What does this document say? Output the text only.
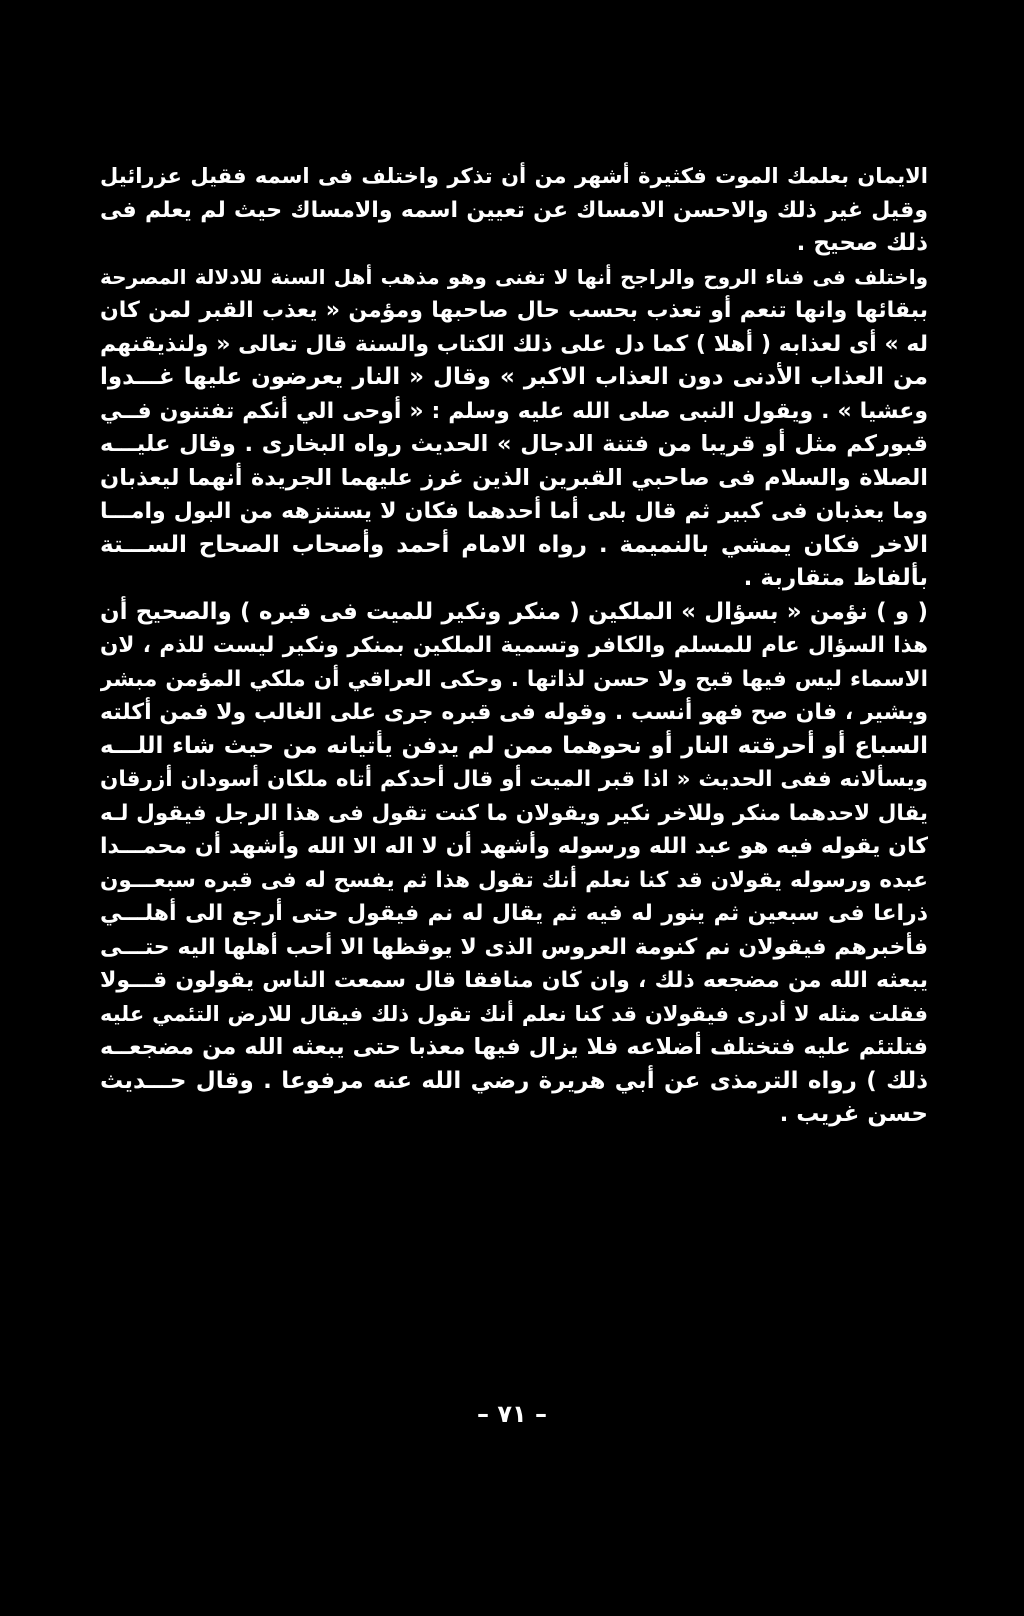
الايمان بعلمك الموت فكثيرة أشهر من أن تذكر واختلف فى اسمه فقيل عزرائيل
وقيل غير ذلك والاحسن الامساك عن تعيين اسمه والامساك حيث لم يعلم فى
ذلك صحيح .
واختلف فى فناء الروح والراجح أنها لا تفنى وهو مذهب أهل السنة للادلالة المصرحة
ببقائها وانها تنعم أو تعذب بحسب حال صاحبها ومؤمن « يعذب القبر لمن كان
له » أى لعذابه ( أهلا ) كما دل على ذلك الكتاب والسنة قال تعالى « ولنذيقنهم
من العذاب الأدنى دون العذاب الاكبر » وقال « النار يعرضون عليها غـــدوا
وعشيا » . ويقول النبى صلى الله عليه وسلم : « أوحى الي أنكم تفتنون فــي
قبوركم مثل أو قريبا من فتنة الدجال » الحديث رواه البخارى . وقال عليـــه
الصلاة والسلام فى صاحبي القبرين الذين غرز عليهما الجريدة أنهما ليعذبان
وما يعذبان فى كبير ثم قال بلى أما أحدهما فكان لا يستنزهه من البول وامـــا
الاخر فكان يمشي بالنميمة . رواه الامام أحمد وأصحاب الصحاح الســـتة
بألفاظ متقاربة .
( و ) نؤمن « بسؤال » الملكين ( منكر ونكير للميت فى قبره ) والصحيح أن
هذا السؤال عام للمسلم والكافر وتسمية الملكين بمنكر ونكير ليست للذم ، لان
الاسماء ليس فيها قبح ولا حسن لذاتها . وحكى العراقي أن ملكي المؤمن مبشر
وبشير ، فان صح فهو أنسب . وقوله فى قبره جرى على الغالب ولا فمن أكلته
السباع أو أحرقته النار أو نحوهما ممن لم يدفن يأتيانه من حيث شاء اللـــه
ويسألانه ففى الحديث « اذا قبر الميت أو قال أحدكم أتاه ملكان أسودان أزرقان
يقال لاحدهما منكر وللاخر نكير ويقولان ما كنت تقول فى هذا الرجل فيقول لـه
كان يقوله فيه هو عبد الله ورسوله وأشهد أن لا اله الا الله وأشهد أن محمـــدا
عبده ورسوله يقولان قد كنا نعلم أنك تقول هذا ثم يفسح له فى قبره سبعـــون
ذراعا فى سبعين ثم ينور له فيه ثم يقال له نم فيقول حتى أرجع الى أهلـــي
فأخبرهم فيقولان نم كنومة العروس الذى لا يوقظها الا أحب أهلها اليه حتـــى
يبعثه الله من مضجعه ذلك ، وان كان منافقا قال سمعت الناس يقولون قـــولا
فقلت مثله لا أدرى فيقولان قد كنا نعلم أنك تقول ذلك فيقال للارض التئمي عليه
فتلتئم عليه فتختلف أضلاعه فلا يزال فيها معذبا حتى يبعثه الله من مضجعــه
ذلك ) رواه الترمذى عن أبي هريرة رضي الله عنه مرفوعا . وقال حـــديث
حسن غريب .
– ٧١ –
